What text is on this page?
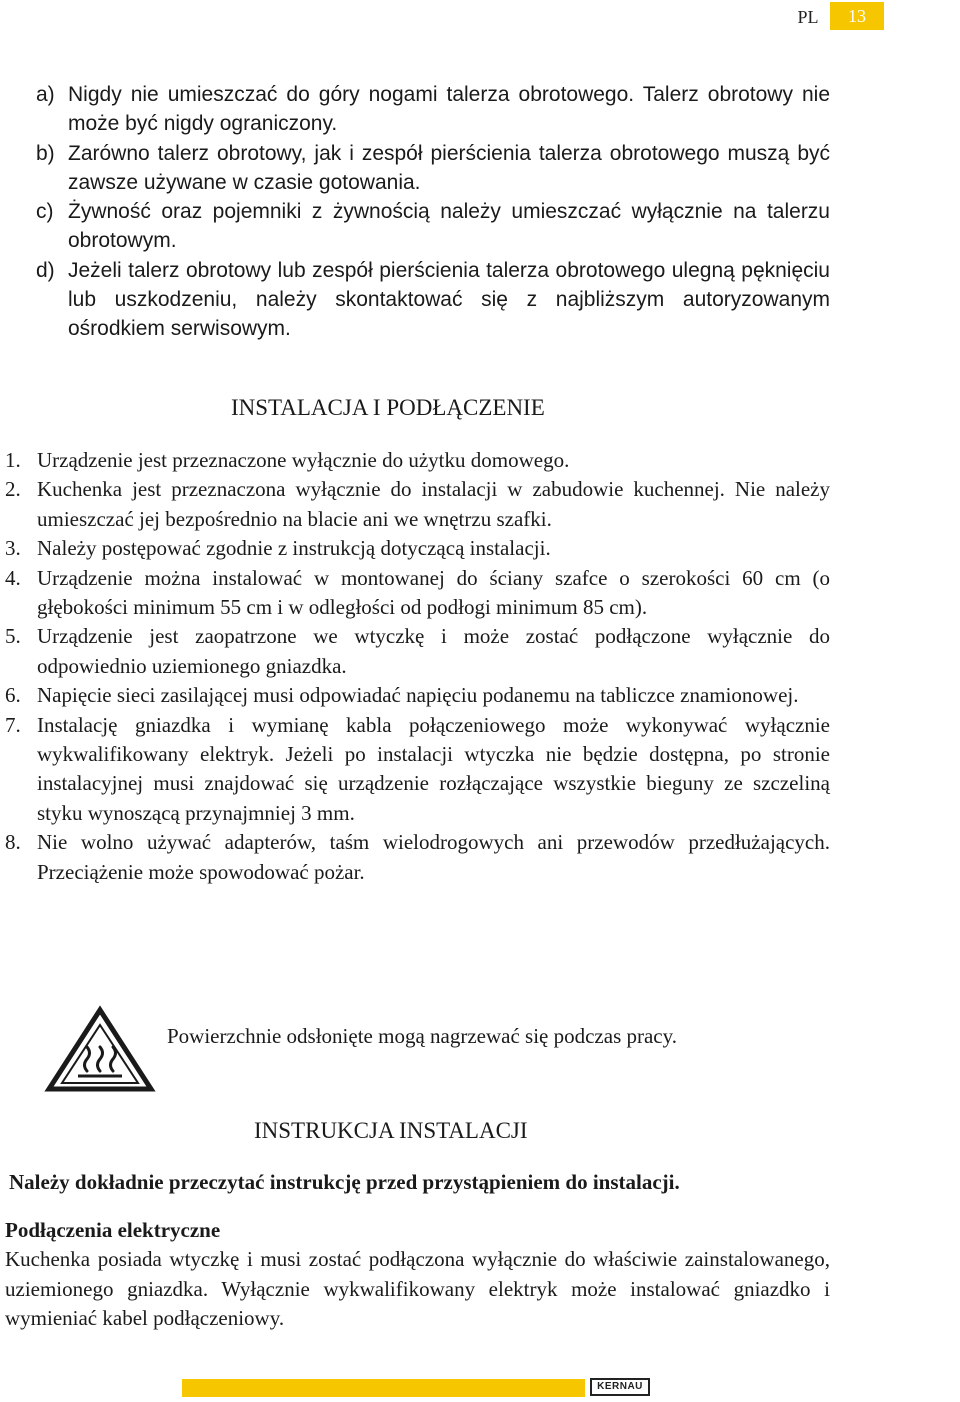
PL	13
a) Nigdy nie umieszczać do góry nogami talerza obrotowego. Talerz obrotowy nie może być nigdy ograniczony.
b) Zarówno talerz obrotowy, jak i zespół pierścienia talerza obrotowego muszą być zawsze używane w czasie gotowania.
c) Żywność oraz pojemniki z żywnością należy umieszczać wyłącznie na talerzu obrotowym.
d) Jeżeli talerz obrotowy lub zespół pierścienia talerza obrotowego ulegną pęknięciu lub uszkodzeniu, należy skontaktować się z najbliższym autoryzowanym ośrodkiem serwisowym.
INSTALACJA I PODŁĄCZENIE
1. Urządzenie jest przeznaczone wyłącznie do użytku domowego.
2. Kuchenka jest przeznaczona wyłącznie do instalacji w zabudowie kuchennej. Nie należy umieszczać jej bezpośrednio na blacie ani we wnętrzu szafki.
3. Należy postępować zgodnie z instrukcją dotyczącą instalacji.
4. Urządzenie można instalować w montowanej do ściany szafce o szerokości 60 cm (o głębokości minimum 55 cm i w odległości od podłogi minimum 85 cm).
5. Urządzenie jest zaopatrzone we wtyczkę i może zostać podłączone wyłącznie do odpowiednio uziemionego gniazdka.
6. Napięcie sieci zasilającej musi odpowiadać napięciu podanemu na tabliczce znamionowej.
7. Instalację gniazdka i wymianę kabla połączeniowego może wykonywać wyłącznie wykwalifikowany elektryk. Jeżeli po instalacji wtyczka nie będzie dostępna, po stronie instalacyjnej musi znajdować się urządzenie rozłączające wszystkie bieguny ze szczeliną styku wynoszącą przynajmniej 3 mm.
8. Nie wolno używać adapterów, taśm wielodrogowych ani przewodów przedłużających. Przeciążenie może spowodować pożar.
Powierzchnie odsłonięte mogą nagrzewać się podczas pracy.
INSTRUKCJA INSTALACJI
Należy dokładnie przeczytać instrukcję przed przystąpieniem do instalacji.
Podłączenia elektryczne
Kuchenka posiada wtyczkę i musi zostać podłączona wyłącznie do właściwie zainstalowanego, uziemionego gniazdka. Wyłącznie wykwalifikowany elektryk może instalować gniazdko i wymieniać kabel podłączeniowy.
KERNAU
